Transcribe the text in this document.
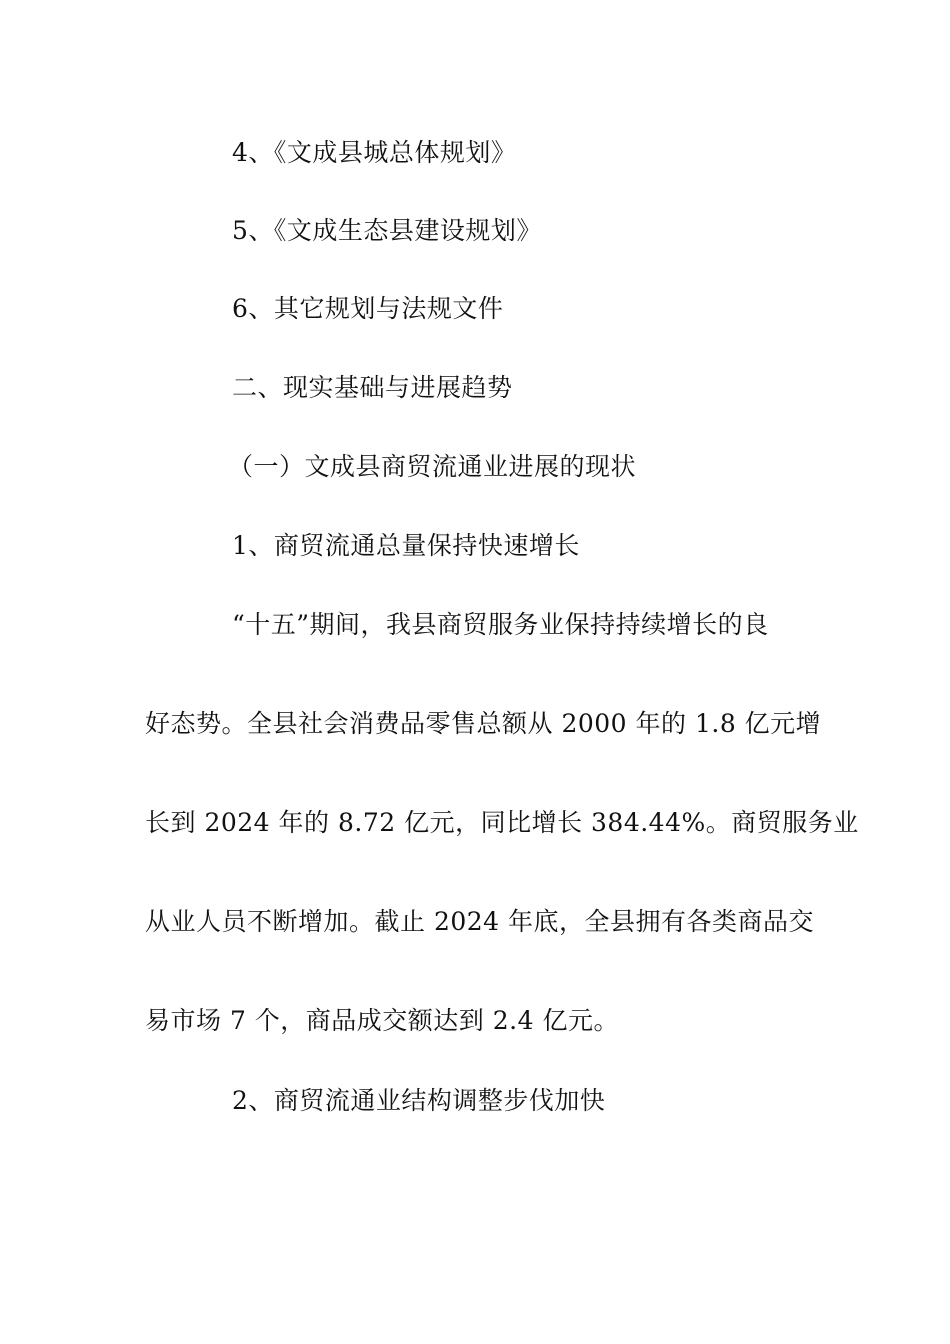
4、《文成县城总体规划》
5、《文成生态县建设规划》
6、其它规划与法规文件
二、现实基础与进展趋势
（一）文成县商贸流通业进展的现状
1、商贸流通总量保持快速增长
“十五”期间，我县商贸服务业保持持续增长的良
好态势。全县社会消费品零售总额从 2000 年的 1.8 亿元增
长到 2024 年的 8.72 亿元，同比增长 384.44%。商贸服务业
从业人员不断增加。截止 2024 年底，全县拥有各类商品交
易市场 7 个，商品成交额达到 2.4 亿元。
2、商贸流通业结构调整步伐加快
